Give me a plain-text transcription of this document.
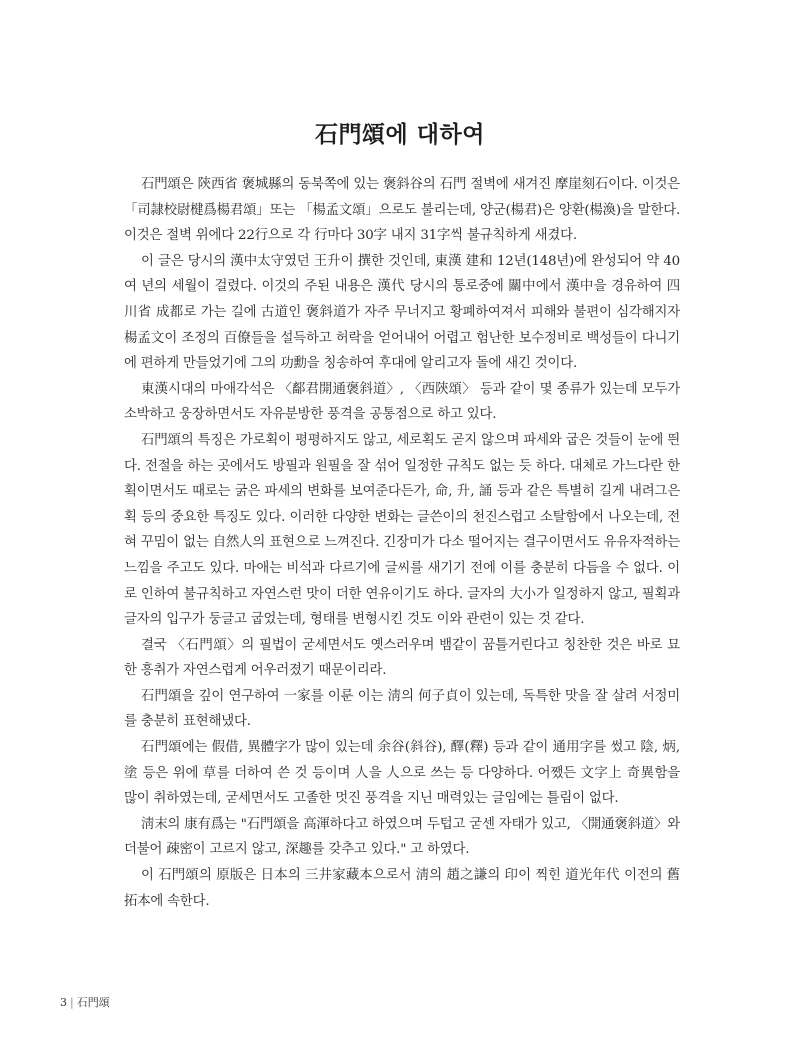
石門頌에 대하여

石門頌은 陝西省 褒城縣의 동북쪽에 있는 褒斜谷의 石門 절벽에 새겨진 摩崖刻石이다. 이것은 「司隷校尉楗爲楊君頌」또는 「楊孟文頌」으로도 불리는데, 양군(楊君)은 양환(楊渙)을 말한다. 이것은 절벽 위에다 22行으로 각 行마다 30字 내지 31字씩 불규칙하게 새겼다.

이 글은 당시의 漢中太守였던 王升이 撰한 것인데, 東漢 建和 12년(148년)에 완성되어 약 40여 년의 세월이 걸렸다. 이것의 주된 내용은 漢代 당시의 통로중에 關中에서 漢中을 경유하여 四川省 成都로 가는 길에 古道인 褒斜道가 자주 무너지고 황폐하여져서 피해와 불편이 심각해지자 楊孟文이 조정의 百僚들을 설득하고 허락을 얻어내어 어렵고 험난한 보수정비로 백성들이 다니기에 편하게 만들었기에 그의 功勳을 칭송하여 후대에 알리고자 돌에 새긴 것이다.

東漢시대의 마애각석은 〈鄐君開通褒斜道〉, 〈西陝頌〉 등과 같이 몇 종류가 있는데 모두가 소박하고 웅장하면서도 자유분방한 풍격을 공통점으로 하고 있다.

石門頌의 특징은 가로획이 평평하지도 않고, 세로획도 곧지 않으며 파세와 굽은 것들이 눈에 띈다. 전절을 하는 곳에서도 방필과 원필을 잘 섞어 일정한 규칙도 없는 듯 하다. 대체로 가느다란 한 획이면서도 때로는 굵은 파세의 변화를 보여준다든가, 命, 升, 誦 등과 같은 특별히 길게 내려그은 획 등의 중요한 특징도 있다. 이러한 다양한 변화는 글쓴이의 천진스럽고 소탈함에서 나오는데, 전혀 꾸밈이 없는 自然人의 표현으로 느껴진다. 긴장미가 다소 떨어지는 결구이면서도 유유자적하는 느낌을 주고도 있다. 마애는 비석과 다르기에 글씨를 새기기 전에 이를 충분히 다듬을 수 없다. 이로 인하여 불규칙하고 자연스런 맛이 더한 연유이기도 하다. 글자의 大小가 일정하지 않고, 필획과 글자의 입구가 둥글고 굽었는데, 형태를 변형시킨 것도 이와 관련이 있는 것 같다.

결국 〈石門頌〉의 필법이 굳세면서도 옛스러우며 뱀같이 꿈틀거린다고 칭찬한 것은 바로 묘한 흥취가 자연스럽게 어우러졌기 때문이리라.

石門頌을 깊이 연구하여 一家를 이룬 이는 淸의 何子貞이 있는데, 독특한 맛을 잘 살려 서정미를 충분히 표현해냈다.

石門頌에는 假借, 異體字가 많이 있는데 余谷(斜谷), 醳(釋) 등과 같이 通用字를 썼고 陰, 炳, 塗 등은 위에 草를 더하여 쓴 것 등이며 人을 人으로 쓰는 등 다양하다. 어쨌든 文字上 奇異함을 많이 취하였는데, 굳세면서도 고졸한 멋진 풍격을 지닌 매력있는 글임에는 틀림이 없다.

淸末의 康有爲는 "石門頌을 高渾하다고 하였으며 두텁고 굳센 자태가 있고, 〈開通褒斜道〉와 더불어 疎密이 고르지 않고, 深趣를 갖추고 있다." 고 하였다.

이 石門頌의 原版은 日本의 三井家藏本으로서 淸의 趙之謙의 印이 찍힌 道光年代 이전의 舊拓本에 속한다.

3 | 石門頌
